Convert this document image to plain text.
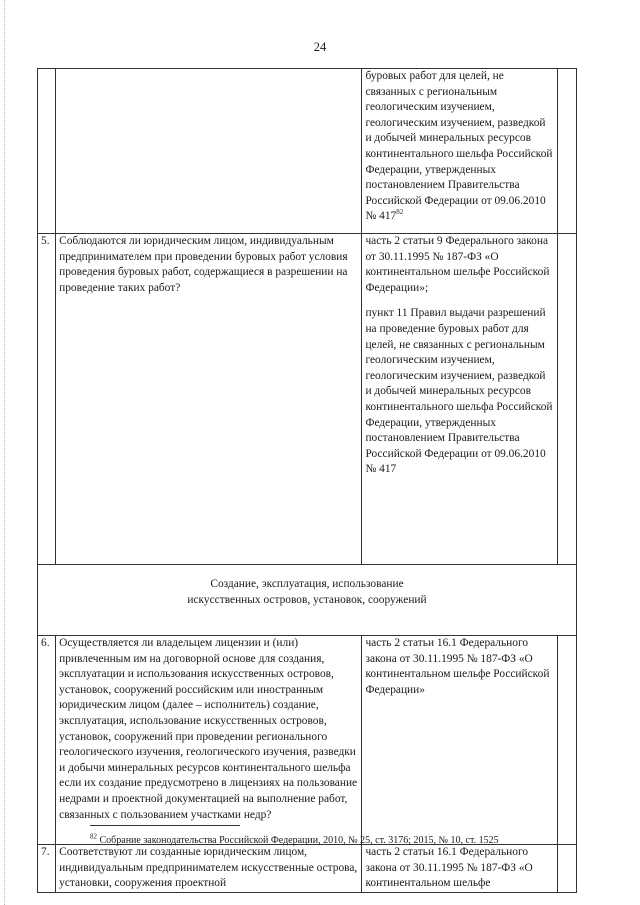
24
		буровых работ для целей, не связанных с региональным геологическим изучением, геологическим изучением, разведкой и добычей минеральных ресурсов континентального шельфа Российской Федерации, утвержденных постановлением Правительства Российской Федерации от 09.06.2010 № $417^{82}$	
5.	Соблюдаются ли юридическим лицом, индивидуальным предпринимателем при проведении буровых работ условия проведения буровых работ, содержащиеся в разрешении на проведение таких работ?	часть 2 статьи 9 Федерального закона от 30.11.1995 № 187-ФЗ «О континентальном шельфе Российской Федерации»;
пункт 11 Правил выдачи разрешений на проведение буровых работ для целей, не связанных с региональным геологическим изучением, геологическим изучением, разведкой и добычей минеральных ресурсов континентального шельфа Российской Федерации, утвержденных постановлением Правительства Российской Федерации от 09.06.2010 № 417	

Создание, эксплуатация, использование
искусственных островов, установок, сооружений			

6.	Осуществляется ли владельцем лицензии и (или) привлеченным им на договорной основе для создания, эксплуатации и использования искусственных островов, установок, сооружений российским или иностранным юридическим лицом (далее – исполнитель) создание, эксплуатация, использование искусственных островов, установок, сооружений при проведении регионального геологического изучения, геологического изучения, разведки и добычи минеральных ресурсов континентального шельфа если их создание предусмотрено в лицензиях на пользование недрами и проектной документацией на выполнение работ, связанных с пользованием участками недр?	часть 2 статьи 16.1 Федерального закона от 30.11.1995 № 187-ФЗ «О континентальном шельфе Российской Федерации»	

7.	Соответствуют ли созданные юридическим лицом, индивидуальным предпринимателем искусственные острова, установки, сооружения проектной	часть 2 статьи 16.1 Федерального закона от 30.11.1995 № 187-ФЗ «О континентальном шельфе	

$^{82}$ Собрание законодательства Российской Федерации, 2010, № 25, ст. 3176; 2015, № 10, ст. 1525
